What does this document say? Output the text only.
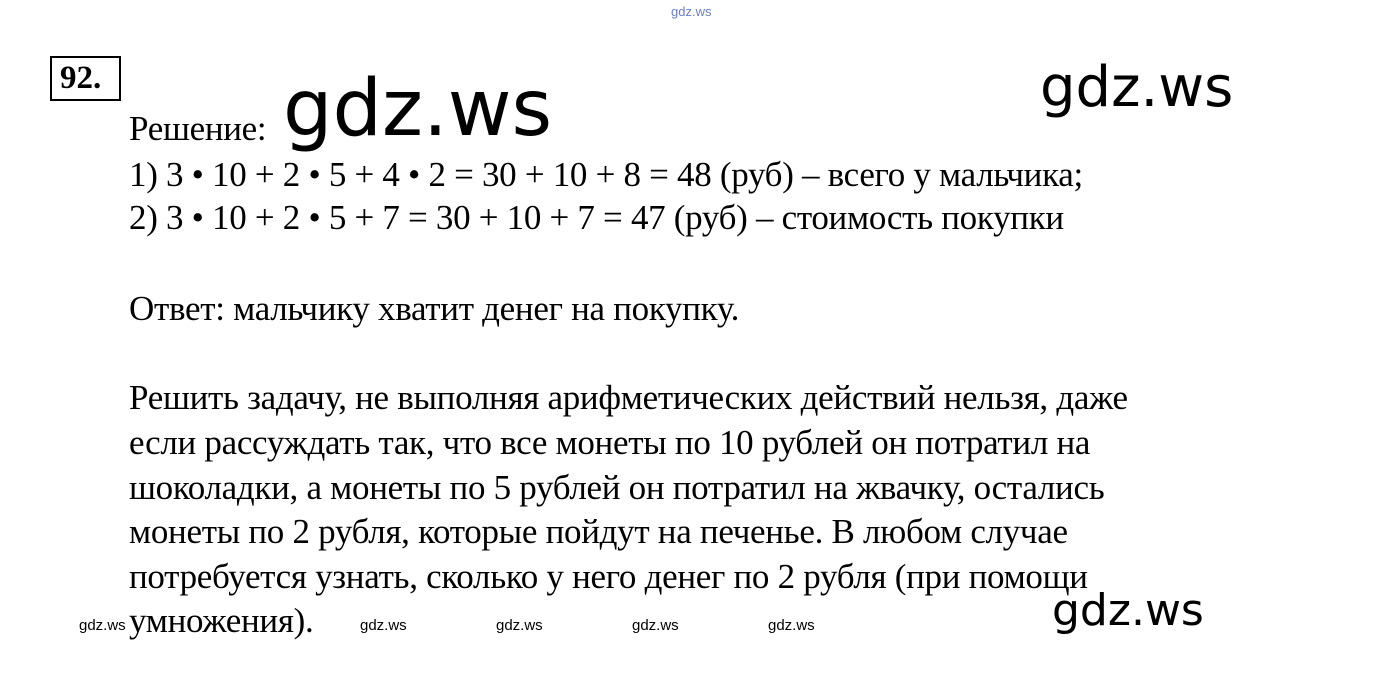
gdz.ws
92.
Решение: gdz.ws	gdz.ws
1) 3 • 10 + 2 • 5 + 4 • 2 = 30 + 10 + 8 = 48 (руб) – всего у мальчика;
2) 3 • 10 + 2 • 5 + 7 = 30 + 10 + 7 = 47 (руб) – стоимость покупки
Ответ: мальчику хватит денег на покупку.
Решить задачу, не выполняя арифметических действий нельзя, даже
если рассуждать так, что все монеты по 10 рублей он потратил на
шоколадки, а монеты по 5 рублей он потратил на жвачку, остались
монеты по 2 рубля, которые пойдут на печенье. В любом случае
потребуется узнать, сколько у него денег по 2 рубля (при помощи
умножения).	gdz.ws
gdz.ws	gdz.ws	gdz.ws	gdz.ws	gdz.ws
